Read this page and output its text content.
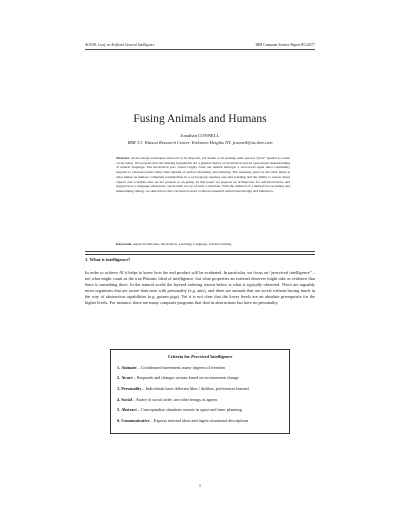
AGI-08: Conf. on Artificial General Intelligence	IBM Computer Science Report RC24377
Fusing Animals and Humans
Jonathan CONNELL
IBM T.J. Watson Research Center, Yorktown Heights NY, jconnell@us.ibm.com
Abstract. AI has many techniques and tools at its disposal, yet seems to be lacking some special “juice” needed to create a true being. We propose that the missing ingredients are a general theory of motivation and an operational understanding of natural language. The motivation part comes largely from our animal heritage: a real-world agent must continually respond to external events rather than depend on perfect modeling and planning. The language parts on the other hand, is what makes us human: competent participation in a social group requires one-shot learning and the ability to reason about objects and activities that are not present or on-going. In this paper we propose an architecture for self-motivation, and suggest how a language interpreter can be built on top of such a substrate. With the addition of a method for recording and internalizing dialog, we sketch how this can then be used to impart essential cultural knowledge and behaviors.
Keywords. Agent architecture, Motivation, Learning, Language, Clicker training
1. What is intelligence?
In order to achieve AI it helps to know how the end product will be evaluated. In particular, we focus on “perceived intelligence” – not what might count as the true Platonic ideal of intelligence, but what properties an external observer might take as evidence that there is something there. In the natural world the layered ordering shown below is what is typically observed. There are arguably more organisms that are aware than ones with personality (e.g. ants), and there are animals that are social without having much in the way of abstraction capabilities (e.g. guinea pigs). Yet it is not clear that the lower levels are an absolute prerequisite for the higher levels. For instance, there are many computer programs that deal in abstractions but have no personality.
Criteria for Perceived Intelligence
1. Animate – Coordinated movement, many degrees of freedom
2. Aware – Responds and changes actions based on environment change
3. Personality – Individuals have different likes / dislikes, preferences learned
4. Social – Aware of social order, use other beings as agents
5. Abstract – Conceptualize situations remote in space and time, planning
6. Communicative – Express internal ideas and ingest situational descriptions
1
